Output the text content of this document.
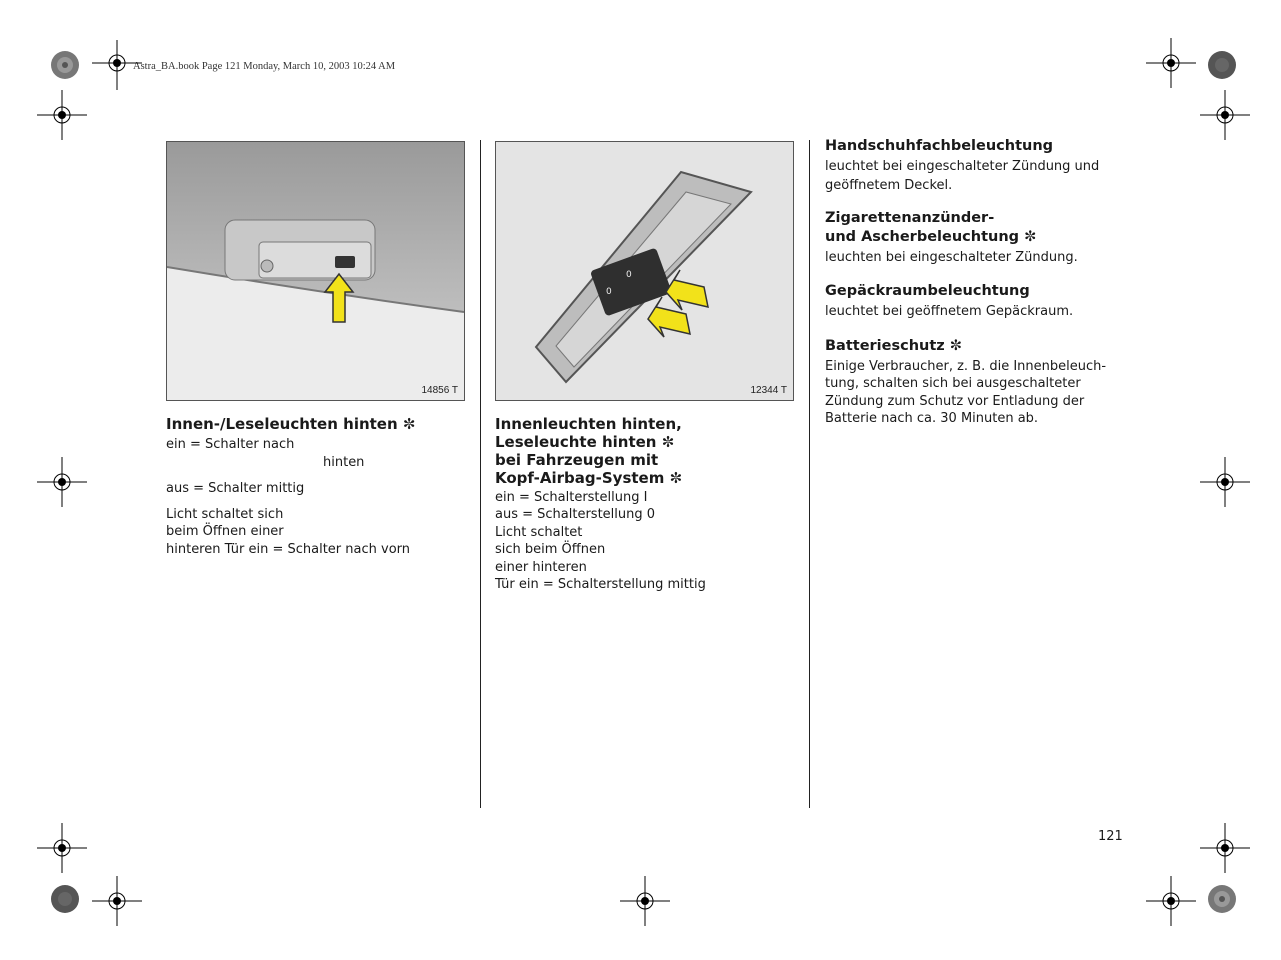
Astra_BA.book Page 121 Monday, March 10, 2003 10:24 AM
14856 T
Innen-/Leseleuchten hinten ✼
ein = Schalter nach
hinten
aus = Schalter mittig
Licht schaltet sich
beim Öffnen einer
hinteren Tür ein = Schalter nach vorn
0
0
12344 T
Innenleuchten hinten,
Leseleuchte hinten ✼
bei Fahrzeugen mit
Kopf-Airbag-System ✼
ein = Schalterstellung I
aus = Schalterstellung 0
Licht schaltet
sich beim Öffnen
einer hinteren
Tür ein = Schalterstellung mittig
Handschuhfachbeleuchtung
leuchtet bei eingeschalteter Zündung und
geöffnetem Deckel.
Zigarettenanzünder-
und Ascherbeleuchtung ✼
leuchten bei eingeschalteter Zündung.
Gepäckraumbeleuchtung
leuchtet bei geöffnetem Gepäckraum.
Batterieschutz ✼
Einige Verbraucher, z. B. die Innenbeleuch-
tung, schalten sich bei ausgeschalteter
Zündung zum Schutz vor Entladung der
Batterie nach ca. 30 Minuten ab.
121
